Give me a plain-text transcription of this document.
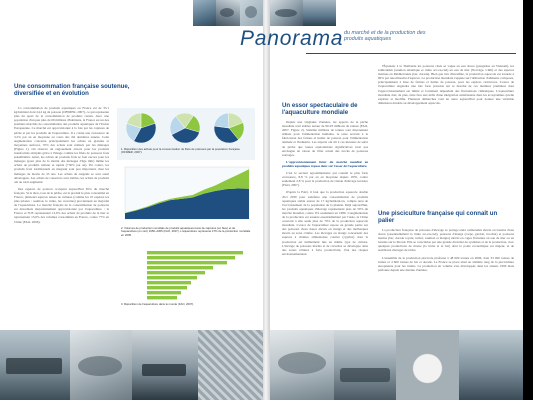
Une consommation française soutenue, diversifiée et en évolution

La consommation de produits aquatiques en France est de 35,1 kg/habitant dont 24,2 kg de poisson (OFIMER, 2007), ce qui représente plus du quart de la consommation de produits carnés. Avec une population d'un peu plus de 60 millions d'habitants, la France est un des premiers marchés de consommation des produits aquatiques de l'Union Européenne. Ce marché est approvisionné à la fois par les captures de pêche et par les produits de l'aquaculture. Il a connu une croissance de 3,2% par an en moyenne au cours des dix dernières années. Cette augmentation concerne principalement les achats en grandes et moyennes surfaces, 70% des achats sont réalisés par les ménages (Figure 1). On observe un engouement envers pour les produits transformés rétriplés grâce à l'image comme les filets de poissons frais préemballés. Ainsi, les achats de produits frais se font encore pour les ménages (pour plus de la moitié des ménages d'âge mûr) même les achats de produits traiteur et rapide (+30% par an). Par contre, les produits frais traditionnels en magasin sont peu importants chez les ménages de moins de 35 ans. Les achats de surgelés se sont aussi développés. Les achats de conserves sont stables, les achats de produits ont au total augmenté.

Des espèces de poisson occupent aujourd'hui 65% du marché français. Si le thon, tous de la pêche, est le produit le plus consommé en France, plusieurs espèces issues de cultures (comme les 10 espèces les plus prisées : saumon, le truite, les crevettes) proviennent en majorité de l'aquaculture. Le marché français de la consommation de poissons est désormais majoritairement approvisionné par l'aquaculture : la France et l'UE représentent 13,6% des achats de produits de la mer et représentent 13,6% des volumes consommés en France, contre 77% en Chine (FAO, 2006).

1. Répartition des achats pour la consommation de filets de poissons par la population française (OFIMER, 2007).
2. Volumes de production mondiale de produits aquatiques issus de captures (en bleu) et de l'aquaculture (en vert) 1950–2005 (FAO, 2007). L'aquaculture représente 47% de la production mondiale en 2005.
3. Répartition de l'aquaculture dans le monde (FAO, 2007).
Panorama du marché et de la production des produits aquatiques
Un essor spectaculaire de l'aquaculture mondiale

Depuis une vingtaine d'années, les apports de la pêche mondiale sont stables autour de 90-93 millions de tonnes (FAO, 2007, Figure 2). Sixième millions de tonnes sont directement utilisés pour l'alimentation humaine, le reste servant à la fabrication des farines et huiles de poisson pour l'alimentation animale et l'industrie. Les experts ont dit à ces mesures de suivi de pêche que toutes exploitations significatives n'est pas envisagée en raison de l'état actuel des stocks de poissons sauvages.

L'approvisionnement futur du marché mondial en produits aquatiques repose donc sur l'essor de l'aquaculture.

C'est le secteur agroalimentaire qui connaît le plus forte croissance, 8,8 % par an en moyenne depuis 1970, contre seulement 2,8 % pour la production de viande d'élevage terrestre (FAO, 2007).

D'après la FAO, il faut que la production aquacole double d'ici 2030 pour satisfaire une consommation de produits aquatiques stable autour de 17 kg/habitant/an, compte tenu de l'accroissement de la population de la planète. Déjà aujourd'hui, les produits aquatiques d'élevage représentent près de 50% du marché mondial, contre 9% seulement en 1980. L'augmentation de la production est assurée essentiellement par l'Asie, la Chine couvrant à elle seule plus de 70% de la production aquacole mondiale. L'essor de l'aquaculture repose en grande partie sur des poissons d'eau douce élevés en étangs et des mollusques élevés en zone côtière. Les élevages en étangs concernent des espèces à chaînes alimentaires courtes (cyprins) dont la production est intimement liée au même type de culture. L'élevage de poissons marins et de crevettes se développe dans des zones côtières à forte productivité, d'où des risques environnementaux.

l'Équateur à la Thaïlande les poissons chats se vague en eau douce (pangasius au Vietnam), les salmonidés (saumon atlantique et truite arc-en-ciel) en eau de mer (Norvège, Chili) et des espèces marines en Méditerranée (bar, dorade). Bien que très diversifiée, la production aquacole est assurée à 90% par une minorité d'espèces. La production mondiale s'appuie sur l'utilisation d'aliments composés, principalement à base de farines et huiles de poisson, pour les espèces carnivores. L'essor de l'aquaculture engendre une très forte pression sur le marché de ces matières premières dont l'approvisionnement est limité et fortement dépendant des fluctuations climatiques. L'aquaculture mondiale doit, de plus, faire face aux défis d'une intégration satisfaisante dans les écosystèmes qu'elle exploite et modifie. Plusieurs démarches vont en outre aujourd'hui pour donner une véritable dimension durable au développement aquacole.

Une pisciculture française qui connaît un palier

La production française de poissons d'élevage se partage entre salmonidés élevés en bassins d'eau douce (essentiellement la truite arc-en-ciel), poissons d'étangs (carpe, gardon, brochet) et poissons marins (bar, dorade royale, turbot, saumon et maigre) élevés en cages flottantes en eau de mer ou en bassins sur le littoral. Elle se caractérise par une grande diversité de systèmes et de la production, avec quelques productions de masse (la truite et le bar) dont le poids économique est majeur, et de nombreux élevages de niche.

L'ensemble de la production piscicole plafonne à 48 000 tonnes en 2006, dont 33 000 tonnes de truites et 4 600 tonnes de bar et dorade. La France se place ainsi au sixième rang de la pisciculture européenne pour les truites. La production en volume s'est développée dans les années 1990 mais plafonne depuis une dizaine d'années.
